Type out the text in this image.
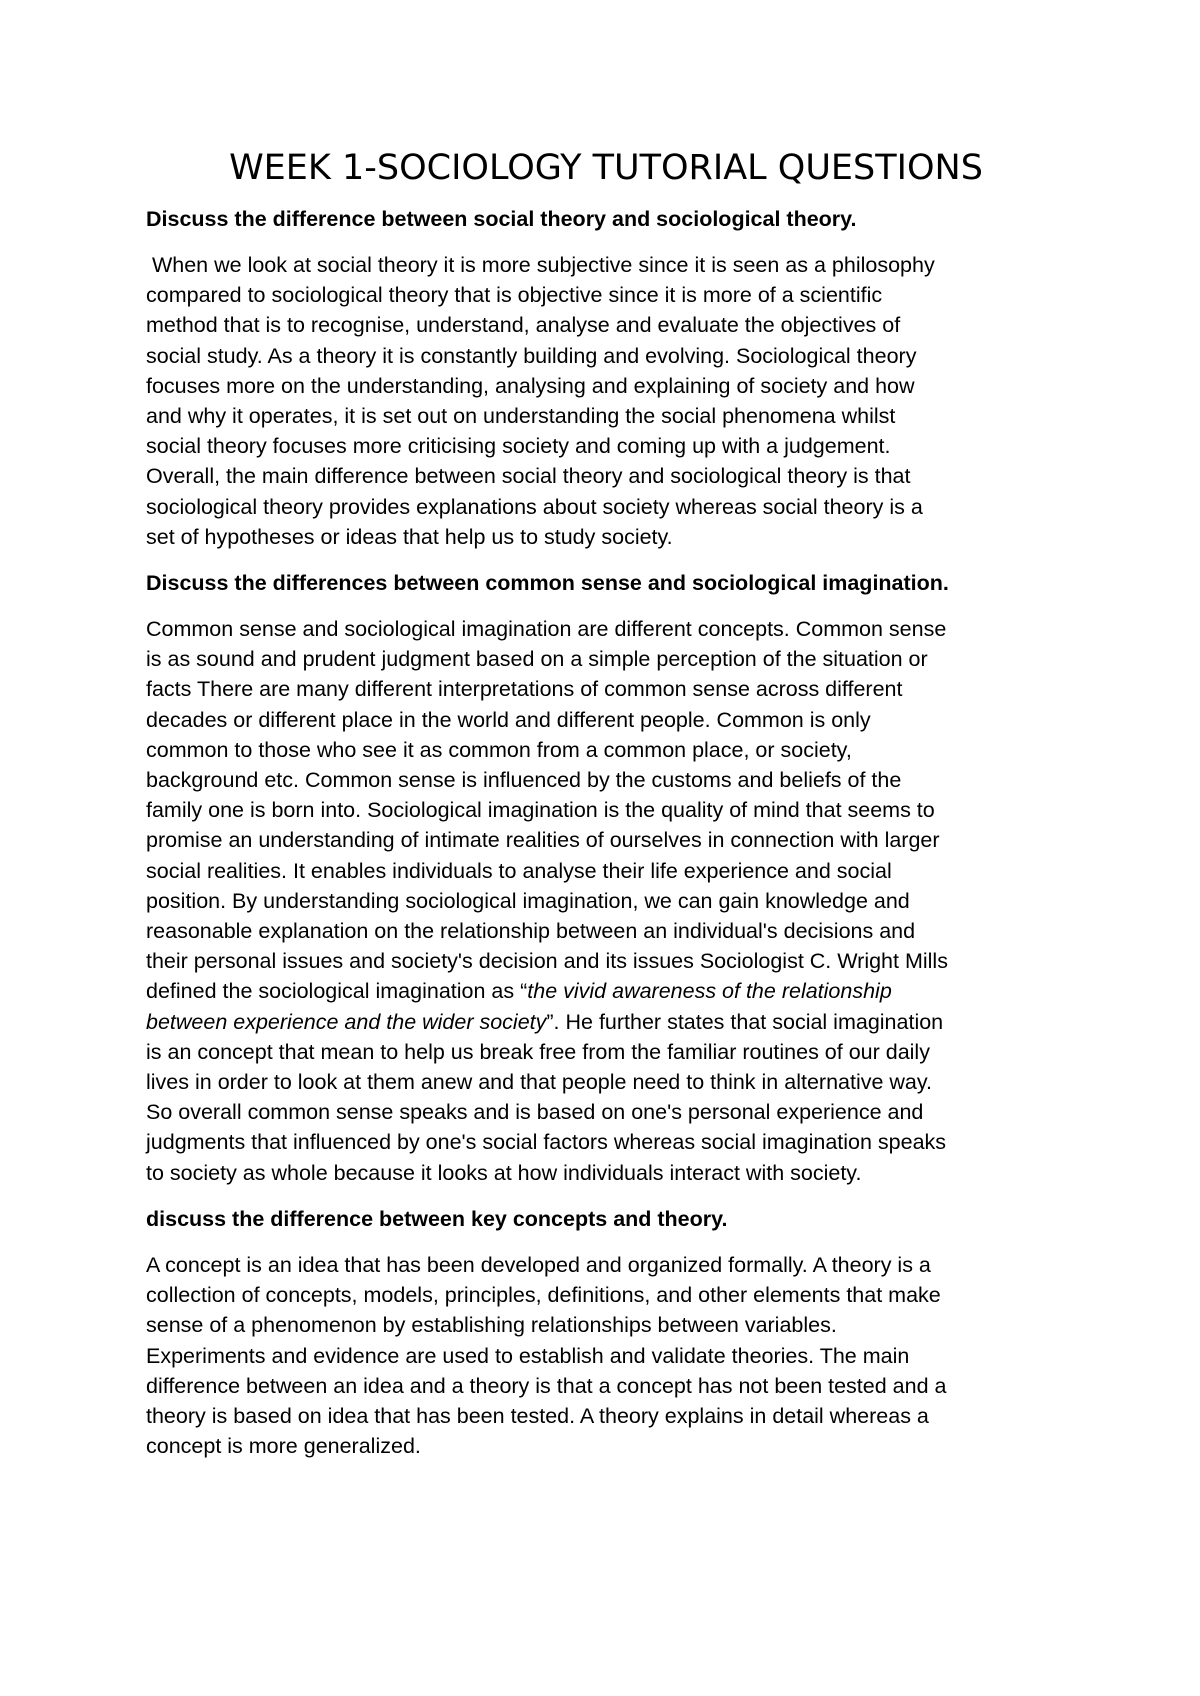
WEEK 1-SOCIOLOGY TUTORIAL QUESTIONS

Discuss the difference between social theory and sociological theory.

When we look at social theory it is more subjective since it is seen as a philosophy
compared to sociological theory that is objective since it is more of a scientific
method that is to recognise, understand, analyse and evaluate the objectives of
social study. As a theory it is constantly building and evolving. Sociological theory
focuses more on the understanding, analysing and explaining of society and how
and why it operates, it is set out on understanding the social phenomena whilst
social theory focuses more criticising society and coming up with a judgement.
Overall, the main difference between social theory and sociological theory is that
sociological theory provides explanations about society whereas social theory is a
set of hypotheses or ideas that help us to study society.

Discuss the differences between common sense and sociological imagination.

Common sense and sociological imagination are different concepts. Common sense
is as sound and prudent judgment based on a simple perception of the situation or
facts There are many different interpretations of common sense across different
decades or different place in the world and different people. Common is only
common to those who see it as common from a common place, or society,
background etc. Common sense is influenced by the customs and beliefs of the
family one is born into. Sociological imagination is the quality of mind that seems to
promise an understanding of intimate realities of ourselves in connection with larger
social realities. It enables individuals to analyse their life experience and social
position. By understanding sociological imagination, we can gain knowledge and
reasonable explanation on the relationship between an individual's decisions and
their personal issues and society's decision and its issues Sociologist C. Wright Mills
defined the sociological imagination as “the vivid awareness of the relationship
between experience and the wider society”. He further states that social imagination
is an concept that mean to help us break free from the familiar routines of our daily
lives in order to look at them anew and that people need to think in alternative way.
So overall common sense speaks and is based on one's personal experience and
judgments that influenced by one's social factors whereas social imagination speaks
to society as whole because it looks at how individuals interact with society.

discuss the difference between key concepts and theory.

A concept is an idea that has been developed and organized formally. A theory is a
collection of concepts, models, principles, definitions, and other elements that make
sense of a phenomenon by establishing relationships between variables.
Experiments and evidence are used to establish and validate theories. The main
difference between an idea and a theory is that a concept has not been tested and a
theory is based on idea that has been tested. A theory explains in detail whereas a
concept is more generalized.
